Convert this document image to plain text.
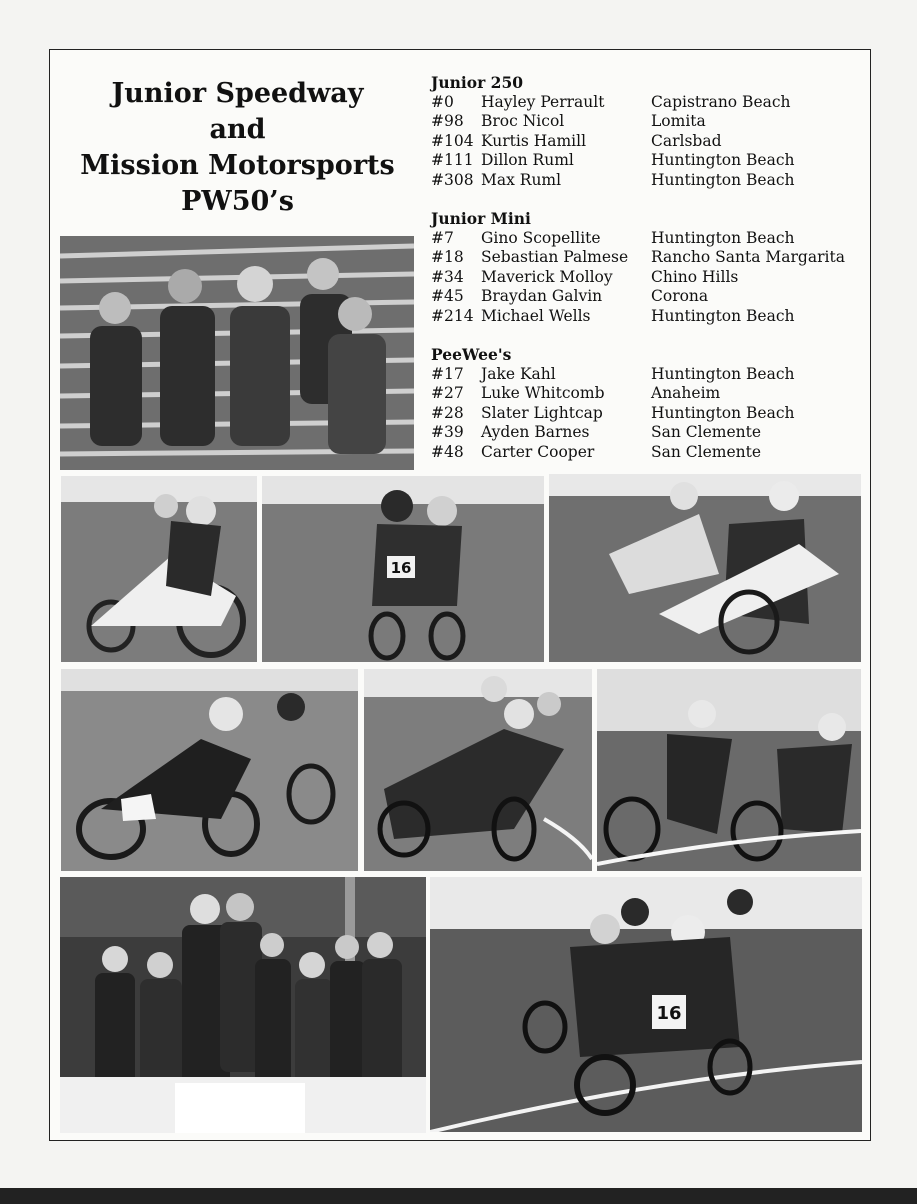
Junior Speedway
and
Mission Motorsports
PW50’s
Junior 250
#0	Hayley Perrault	Capistrano Beach
#98	Broc Nicol	Lomita
#104 Kurtis Hamill	Carlsbad
#111 Dillon Ruml	Huntington Beach
#308 Max Ruml	Huntington Beach
Junior Mini
#7	Gino Scopellite	Huntington Beach
#18	Sebastian Palmese	Rancho Santa Margarita
#34	Maverick Molloy	Chino Hills
#45	Braydan Galvin	Corona
#214 Michael Wells	Huntington Beach
PeeWee's
#17	Jake Kahl	Huntington Beach
#27	Luke Whitcomb	Anaheim
#28	Slater Lightcap	Huntington Beach
#39	Ayden Barnes	San Clemente
#48	Carter Cooper	San Clemente
16
16
